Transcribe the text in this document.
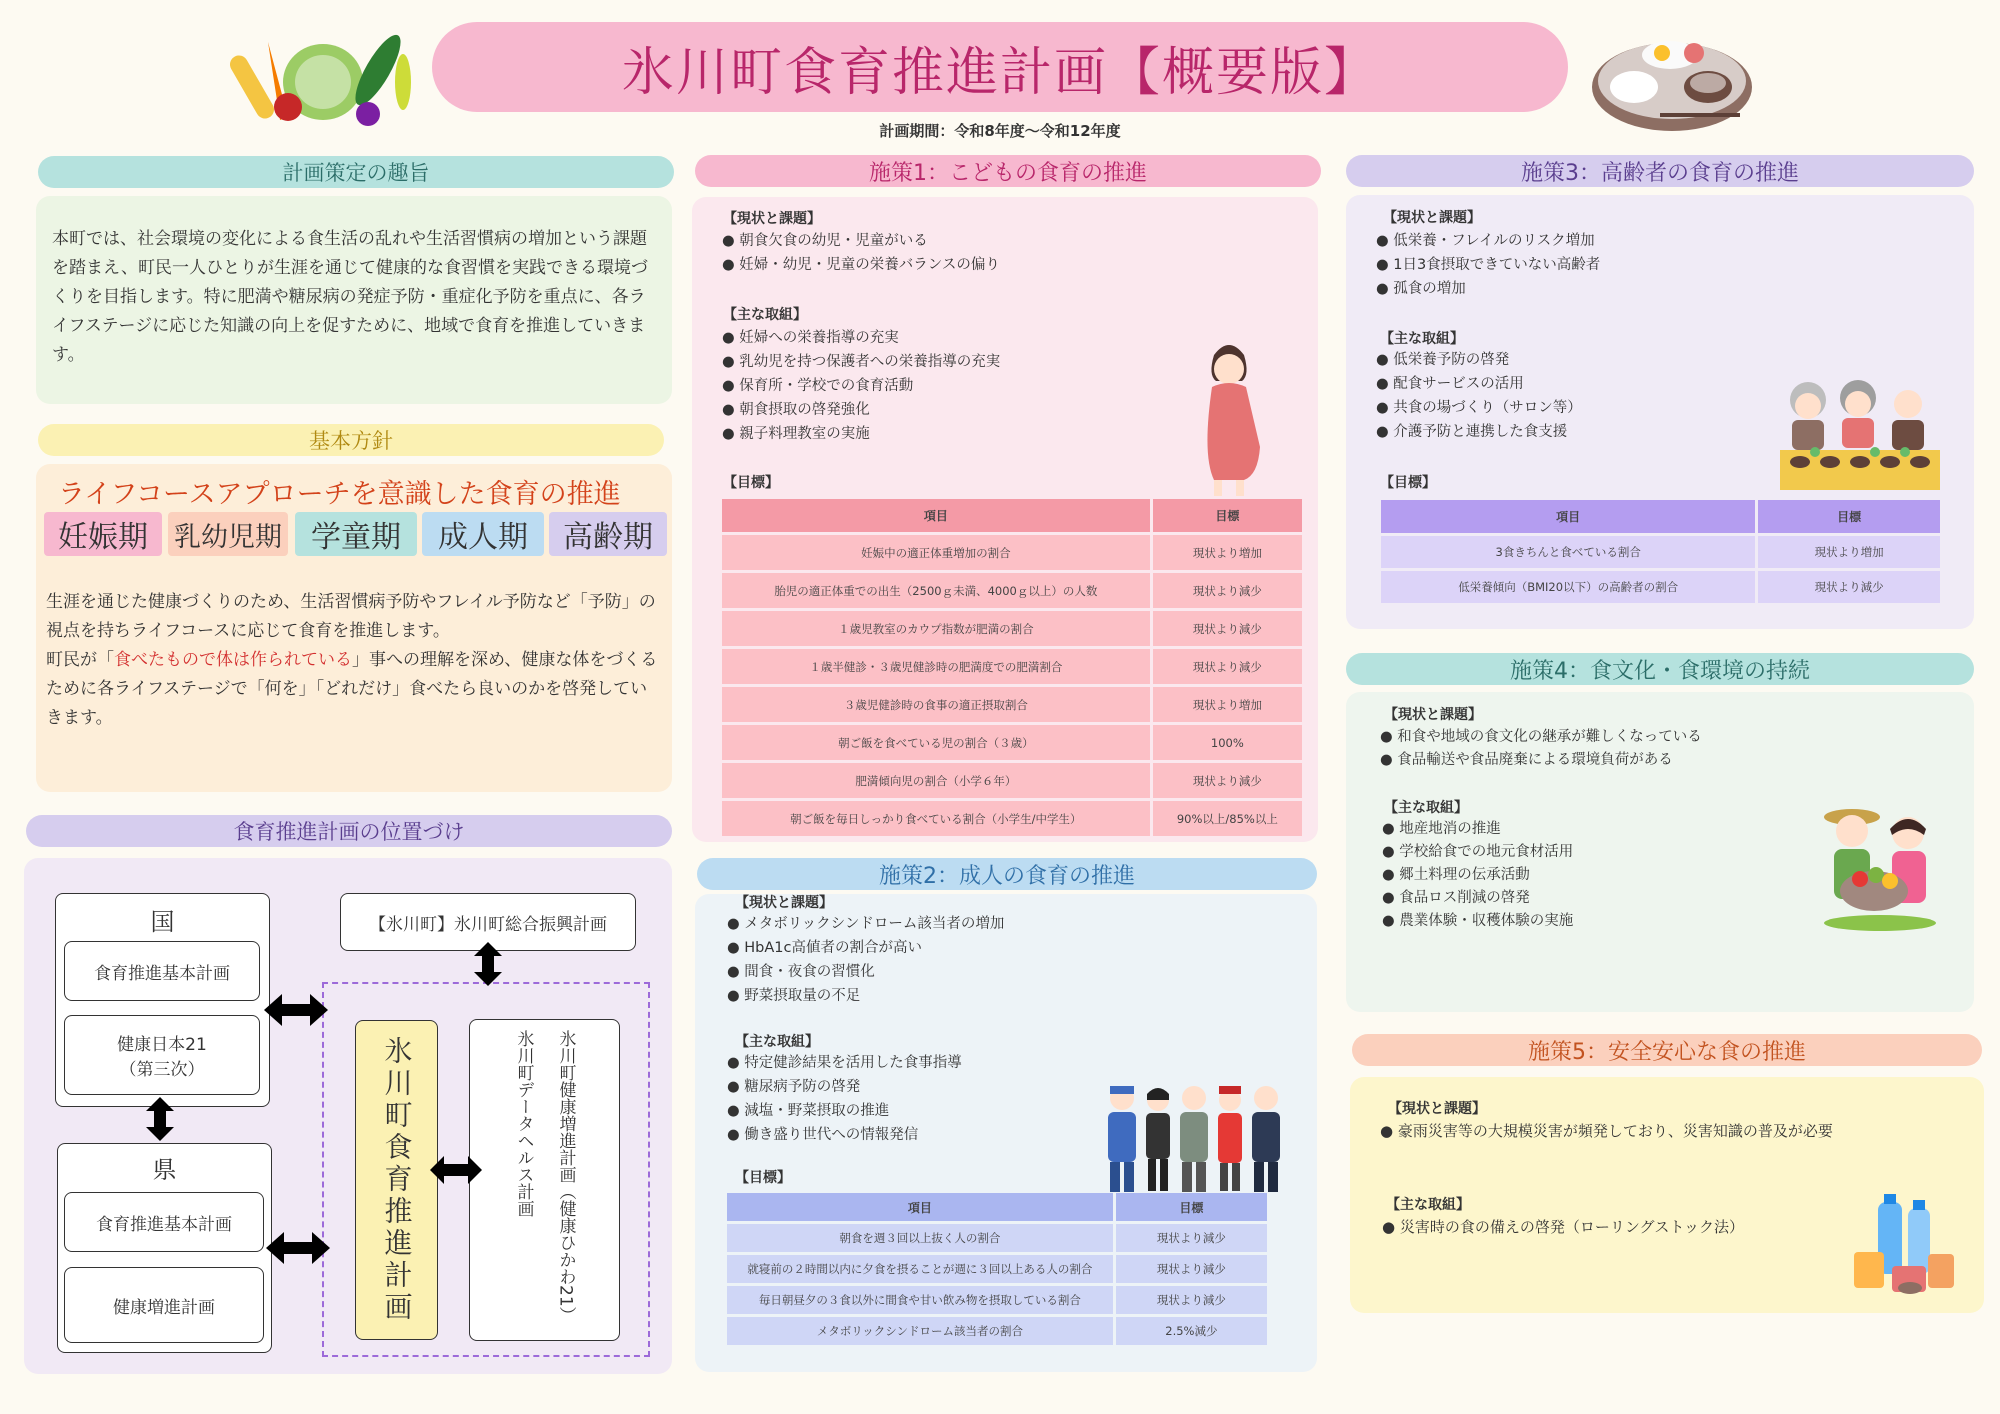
氷川町食育推進計画【概要版】
計画期間：令和8年度〜令和12年度
計画策定の趣旨
本町では、社会環境の変化による食生活の乱れや生活習慣病の増加という課題を踏まえ、町民一人ひとりが生涯を通じて健康的な食習慣を実践できる環境づくりを目指します。特に肥満や糖尿病の発症予防・重症化予防を重点に、各ライフステージに応じた知識の向上を促すために、地域で食育を推進していきます。
基本方針
ライフコースアプローチを意識した食育の推進
妊娠期 乳幼児期 学童期	成人期	高齢期
生涯を通じた健康づくりのため、生活習慣病予防やフレイル予防など「予防」の視点を持ちライフコースに応じて食育を推進します。
町民が「食べたもので体は作られている」事への理解を深め、健康な体をづくるために各ライフステージで「何を」「どれだけ」食べたら良いのかを啓発していきます。
食育推進計画の位置づけ
国
食育推進基本計画
健康日本21
（第三次）
県
食育推進基本計画
健康増進計画
【氷川町】氷川町総合振興計画
氷川町食育推進計画	氷川町健康増進計画（健康ひかわ21）
氷川町データヘルス計画
施策1：こどもの食育の推進
【現状と課題】
● 朝食欠食の幼児・児童がいる
● 妊婦・幼児・児童の栄養バランスの偏り
【主な取組】
● 妊婦への栄養指導の充実
● 乳幼児を持つ保護者への栄養指導の充実
● 保育所・学校での食育活動
● 朝食摂取の啓発強化
● 親子料理教室の実施
【目標】
項目	目標
妊娠中の適正体重増加の割合	現状より増加
胎児の適正体重での出生（2500ｇ未満、4000ｇ以上）の人数	現状より減少
１歳児教室のカウプ指数が肥満の割合	現状より減少
１歳半健診・３歳児健診時の肥満度での肥満割合	現状より減少
３歳児健診時の食事の適正摂取割合	現状より増加
朝ご飯を食べている児の割合（３歳）	100%
肥満傾向児の割合（小学６年）	現状より減少
朝ご飯を毎日しっかり食べている割合（小学生/中学生）	90%以上/85%以上
施策2：成人の食育の推進
【現状と課題】
● メタボリックシンドローム該当者の増加
● HbA1c高値者の割合が高い
● 間食・夜食の習慣化
● 野菜摂取量の不足
【主な取組】
● 特定健診結果を活用した食事指導
● 糖尿病予防の啓発
● 減塩・野菜摂取の推進
● 働き盛り世代への情報発信
【目標】
項目	目標
朝食を週３回以上抜く人の割合	現状より減少
就寝前の２時間以内に夕食を摂ることが週に３回以上ある人の割合	現状より減少
毎日朝昼夕の３食以外に間食や甘い飲み物を摂取している割合	現状より減少
メタボリックシンドローム該当者の割合	2.5%減少
施策3：高齢者の食育の推進
【現状と課題】
● 低栄養・フレイルのリスク増加
● 1日3食摂取できていない高齢者
● 孤食の増加
【主な取組】
● 低栄養予防の啓発
● 配食サービスの活用
● 共食の場づくり（サロン等）
● 介護予防と連携した食支援
【目標】
項目	目標
3食きちんと食べている割合	現状より増加
低栄養傾向（BMI20以下）の高齢者の割合	現状より減少
施策4：食文化・食環境の持続
【現状と課題】
● 和食や地域の食文化の継承が難しくなっている
● 食品輸送や食品廃棄による環境負荷がある
【主な取組】
● 地産地消の推進
● 学校給食での地元食材活用
● 郷土料理の伝承活動
● 食品ロス削減の啓発
● 農業体験・収穫体験の実施
施策5：安全安心な食の推進
【現状と課題】
● 豪雨災害等の大規模災害が頻発しており、災害知識の普及が必要
【主な取組】
● 災害時の食の備えの啓発（ローリングストック法）
